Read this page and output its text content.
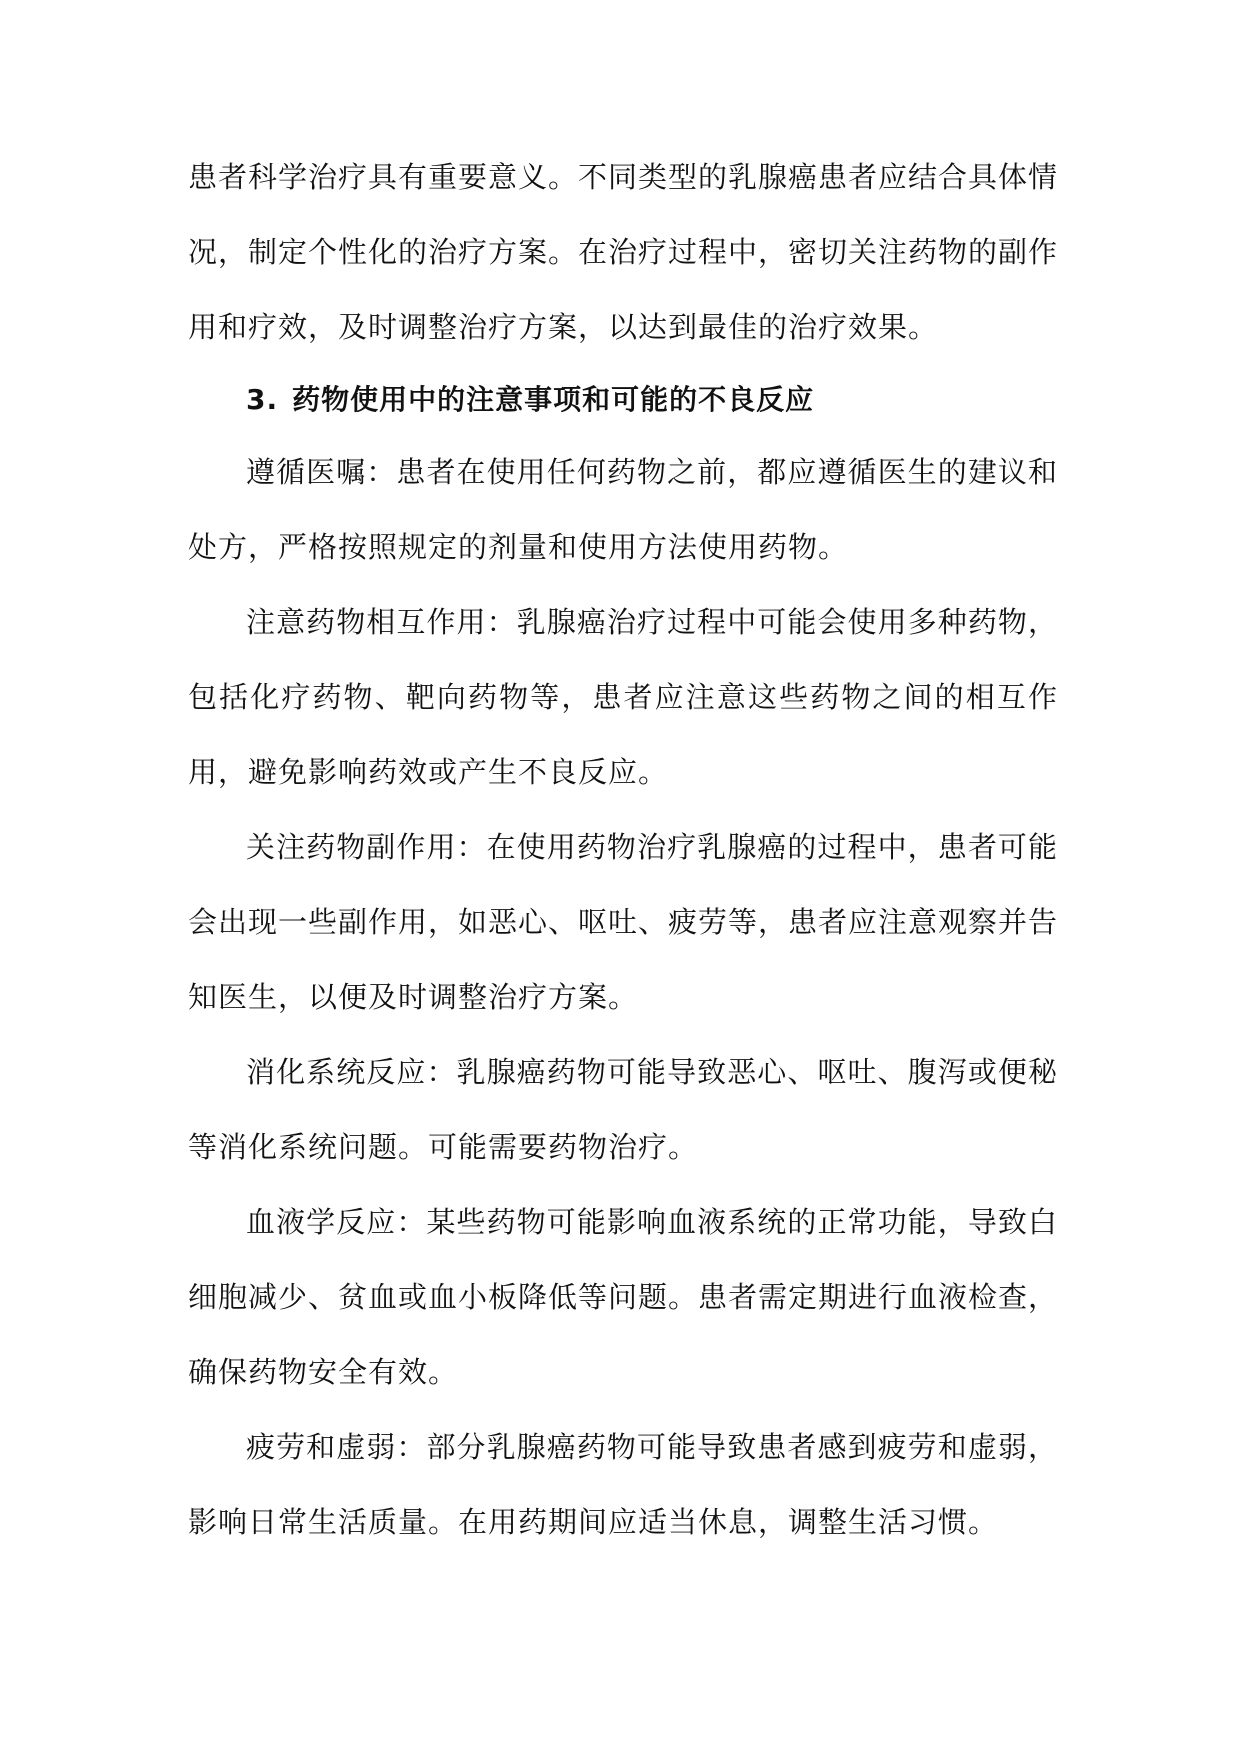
患者科学治疗具有重要意义。不同类型的乳腺癌患者应结合具体情况，制定个性化的治疗方案。在治疗过程中，密切关注药物的副作用和疗效，及时调整治疗方案，以达到最佳的治疗效果。

3. 药物使用中的注意事项和可能的不良反应

遵循医嘱：患者在使用任何药物之前，都应遵循医生的建议和处方，严格按照规定的剂量和使用方法使用药物。

注意药物相互作用：乳腺癌治疗过程中可能会使用多种药物，包括化疗药物、靶向药物等，患者应注意这些药物之间的相互作用，避免影响药效或产生不良反应。

关注药物副作用：在使用药物治疗乳腺癌的过程中，患者可能会出现一些副作用，如恶心、呕吐、疲劳等，患者应注意观察并告知医生，以便及时调整治疗方案。

消化系统反应：乳腺癌药物可能导致恶心、呕吐、腹泻或便秘等消化系统问题。可能需要药物治疗。

血液学反应：某些药物可能影响血液系统的正常功能，导致白细胞减少、贫血或血小板降低等问题。患者需定期进行血液检查，确保药物安全有效。

疲劳和虚弱：部分乳腺癌药物可能导致患者感到疲劳和虚弱，影响日常生活质量。在用药期间应适当休息，调整生活习惯。
